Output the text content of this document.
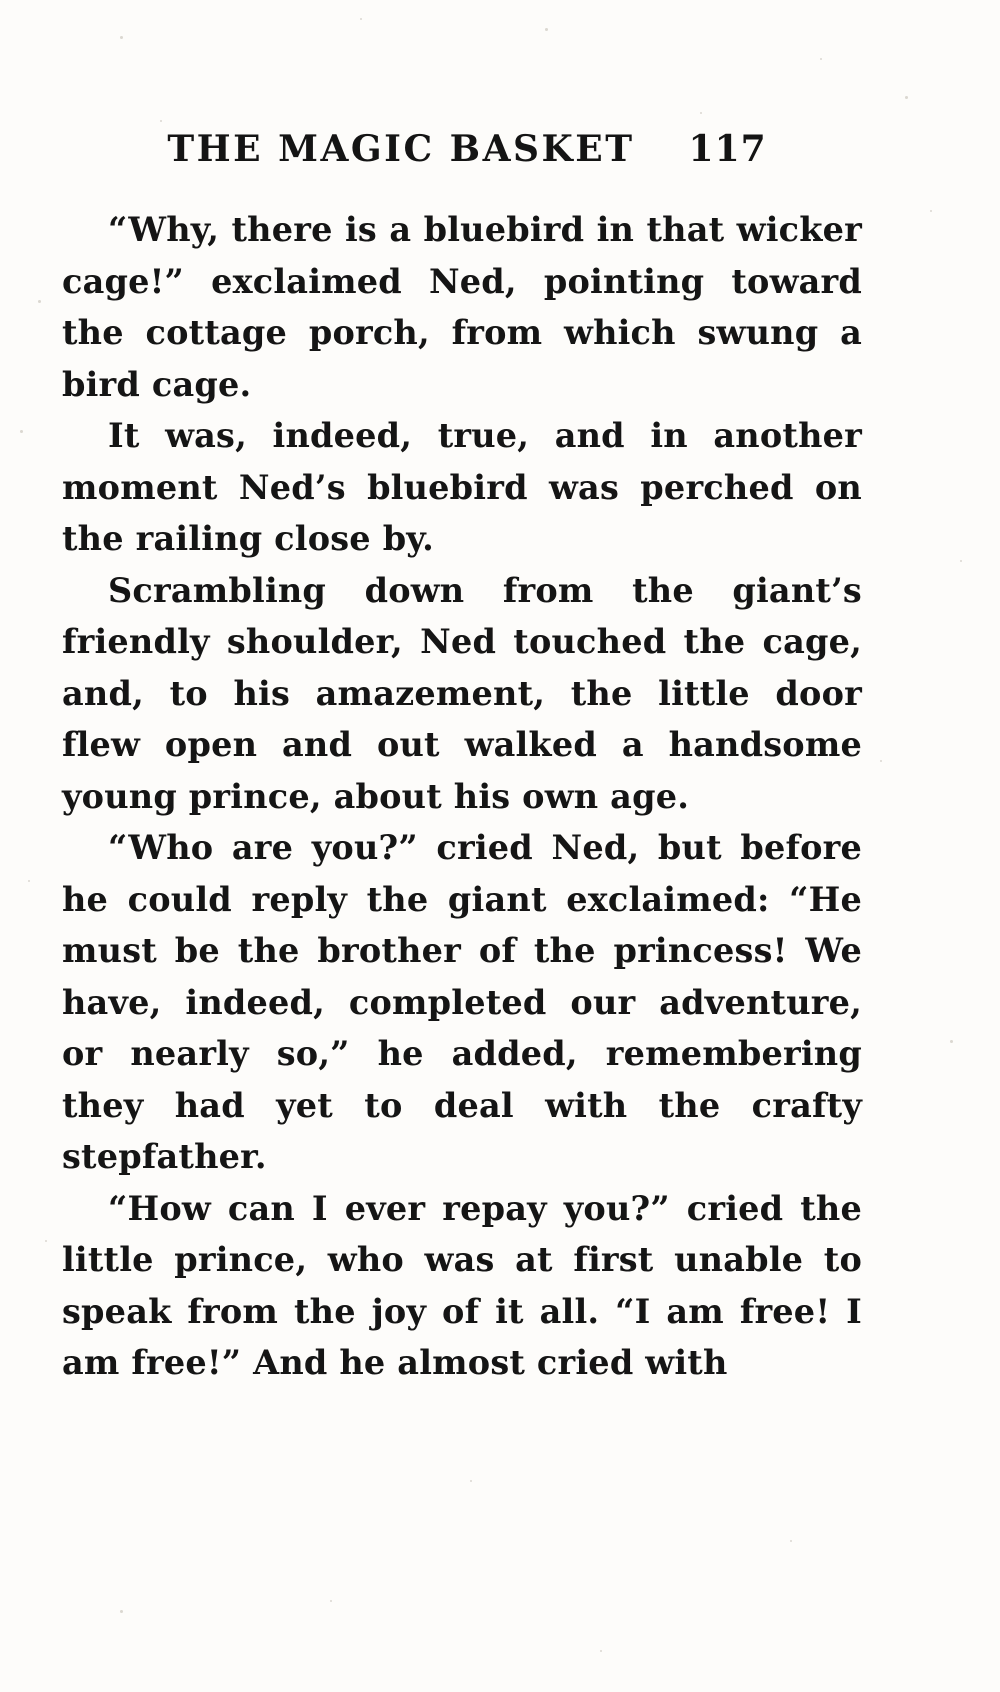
THE MAGIC BASKET 117

“Why, there is a bluebird in that wicker cage!” exclaimed Ned, pointing toward the cottage porch, from which swung a bird cage.

It was, indeed, true, and in another moment Ned’s bluebird was perched on the railing close by.

Scrambling down from the giant’s friendly shoulder, Ned touched the cage, and, to his amazement, the little door flew open and out walked a handsome young prince, about his own age.

“Who are you?” cried Ned, but before he could reply the giant exclaimed: “He must be the brother of the princess! We have, indeed, completed our adventure, or nearly so,” he added, remembering they had yet to deal with the crafty stepfather.

“How can I ever repay you?” cried the little prince, who was at first unable to speak from the joy of it all. “I am free! I am free!” And he almost cried with
